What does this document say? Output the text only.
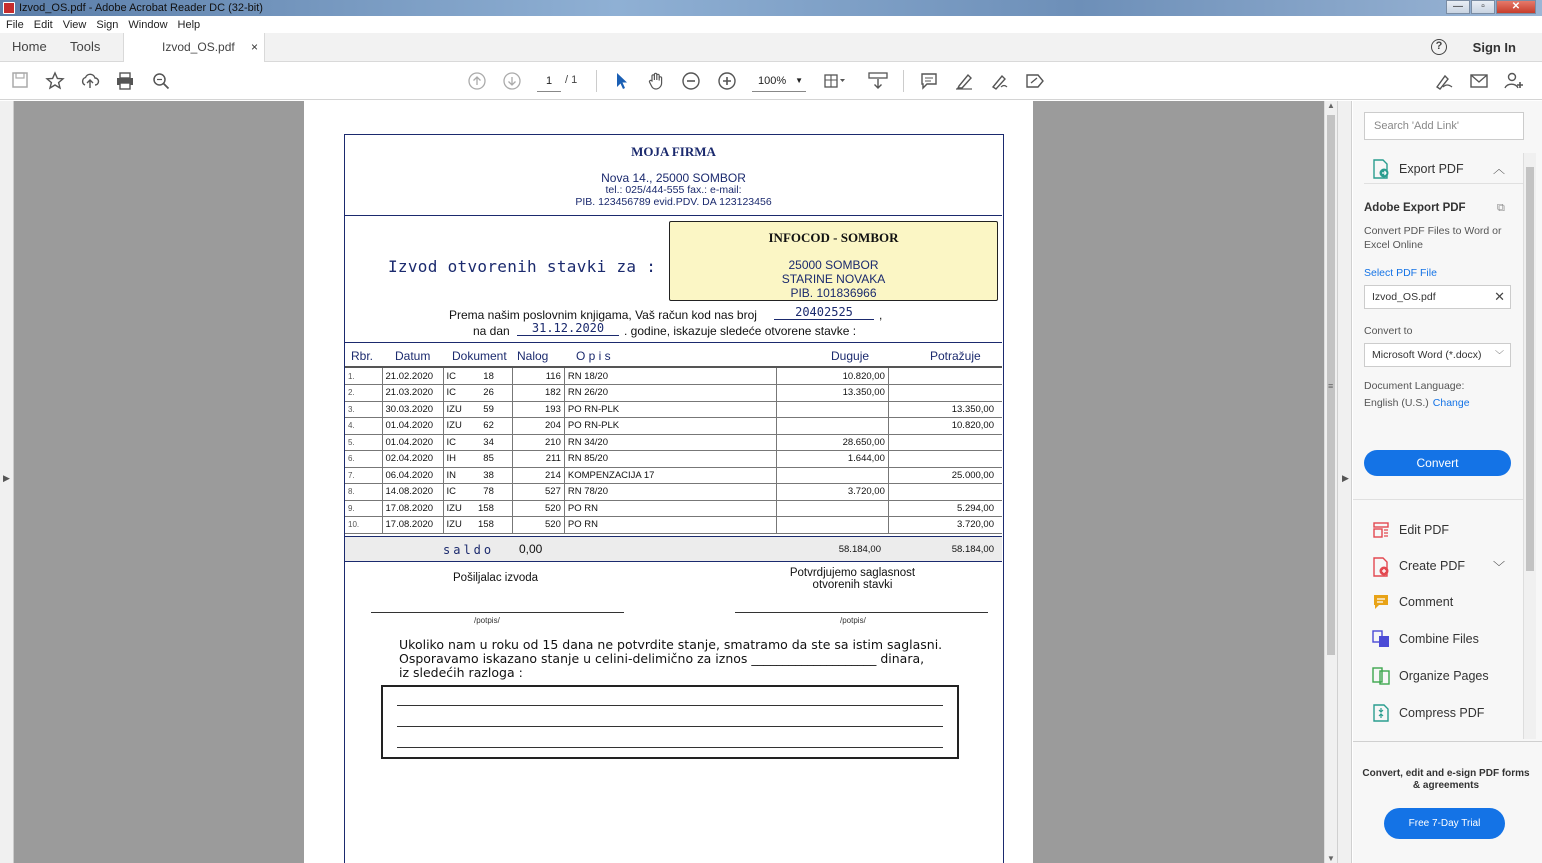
Izvod_OS.pdf - Adobe Acrobat Reader DC (32-bit)	—	▫	✕
File Edit View Sign Window Help
Home Tools	Izvod_OS.pdf ×	?	Sign In
1	/ 1	100% ▼
▶
MOJA FIRMA
Nova 14., 25000 SOMBOR
tel.: 025/444-555 fax.: e-mail:
PIB. 123456789 evid.PDV. DA 123123456
Izvod otvorenih stavki za :
INFOCOD - SOMBOR
25000 SOMBOR
STARINE NOVAKA
PIB. 101836966
Prema našim poslovnim knjigama, Vaš račun kod nas broj	20402525	,
na dan	31.12.2020	. godine, iskazuje sledeće otvorene stavke :
Rbr. Datum Dokument Nalog O p i s	Duguje	Potražuje
1.	21.02.2020	IC	18	116	RN 18/20	10.820,00	
2.	21.03.2020	IC	26	182	RN 26/20	13.350,00	
3.	30.03.2020	IZU	59	193	PO RN-PLK		13.350,00
4.	01.04.2020	IZU	62	204	PO RN-PLK		10.820,00
5.	01.04.2020	IC	34	210	RN 34/20	28.650,00	
6.	02.04.2020	IH	85	211	RN 85/20	1.644,00	
7.	06.04.2020	IN	38	214	KOMPENZACIJA 17		25.000,00
8.	14.08.2020	IC	78	527	RN 78/20	3.720,00	
9.	17.08.2020	IZU	158	520	PO RN		5.294,00
10.	17.08.2020	IZU	158	520	PO RN		3.720,00
saldo 0,00	58.184,00	58.184,00
Pošiljalac izvoda	Potvrdjujemo saglasnost otvorenih stavki
/potpis/	/potpis/
Ukoliko nam u roku od 15 dana ne potvrdite stanje, smatramo da ste sa istim saglasni.
Osporavamo iskazano stanje u celini-delimično za iznos ____________________ dinara,
iz sledećih razloga :
▲
≡
▼
▶
Search 'Add Link'
Export PDF ︿
Adobe Export PDF	⧉
Convert PDF Files to Word or Excel Online
Select PDF File
Izvod_OS.pdf	✕
Convert to
Microsoft Word (*.docx) ﹀
Document Language:
English (U.S.) Change
Convert
Edit PDF
Create PDF ﹀
Comment
Combine Files
Organize Pages
Compress PDF
Convert, edit and e-sign PDF forms & agreements
Free 7-Day Trial
